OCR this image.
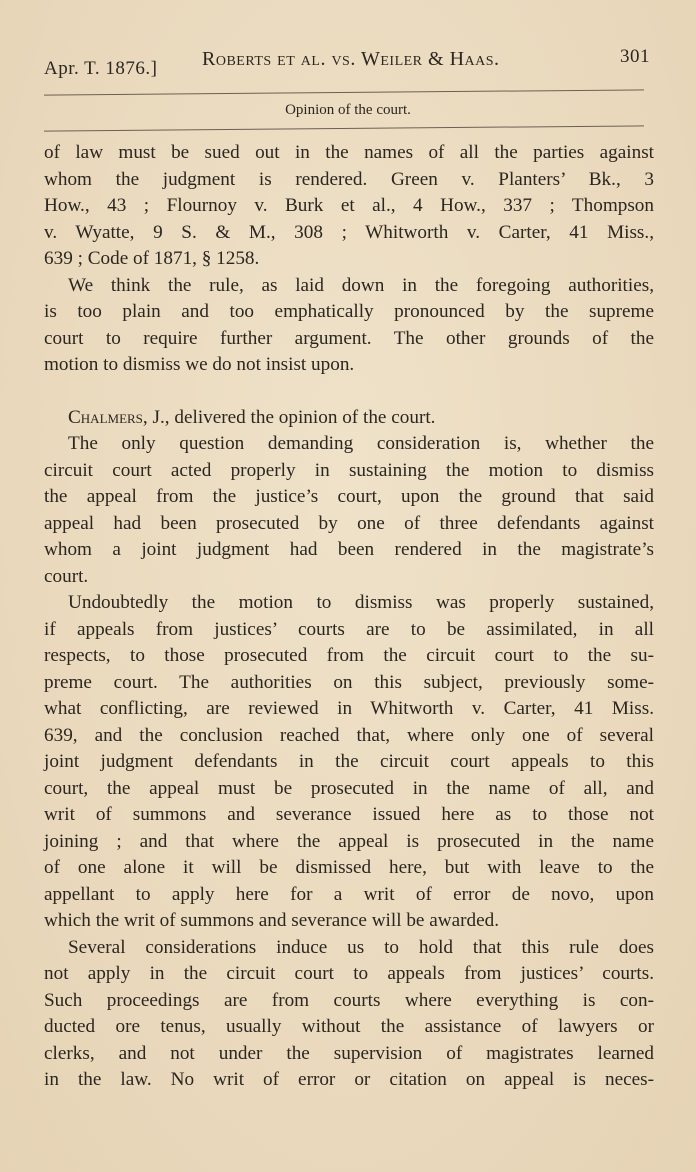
Apr. T. 1876.] Roberts et al. vs. Weiler & Haas.	301
Opinion of the court.
of law must be sued out in the names of all the parties against
whom the judgment is rendered. Green v. Planters’ Bk., 3
How., 43 ; Flournoy v. Burk et al., 4 How., 337 ; Thompson
v. Wyatte, 9 S. & M., 308 ; Whitworth v. Carter, 41 Miss.,
639 ; Code of 1871, § 1258.
We think the rule, as laid down in the foregoing authorities,
is too plain and too emphatically pronounced by the supreme
court to require further argument. The other grounds of the
motion to dismiss we do not insist upon.
Chalmers, J., delivered the opinion of the court.
The only question demanding consideration is, whether the
circuit court acted properly in sustaining the motion to dismiss
the appeal from the justice’s court, upon the ground that said
appeal had been prosecuted by one of three defendants against
whom a joint judgment had been rendered in the magistrate’s
court.
Undoubtedly the motion to dismiss was properly sustained,
if appeals from justices’ courts are to be assimilated, in all
respects, to those prosecuted from the circuit court to the su-
preme court. The authorities on this subject, previously some-
what conflicting, are reviewed in Whitworth v. Carter, 41 Miss.
639, and the conclusion reached that, where only one of several
joint judgment defendants in the circuit court appeals to this
court, the appeal must be prosecuted in the name of all, and
writ of summons and severance issued here as to those not
joining ; and that where the appeal is prosecuted in the name
of one alone it will be dismissed here, but with leave to the
appellant to apply here for a writ of error de novo, upon
which the writ of summons and severance will be awarded.
Several considerations induce us to hold that this rule does
not apply in the circuit court to appeals from justices’ courts.
Such proceedings are from courts where everything is con-
ducted ore tenus, usually without the assistance of lawyers or
clerks, and not under the supervision of magistrates learned
in the law. No writ of error or citation on appeal is neces-
